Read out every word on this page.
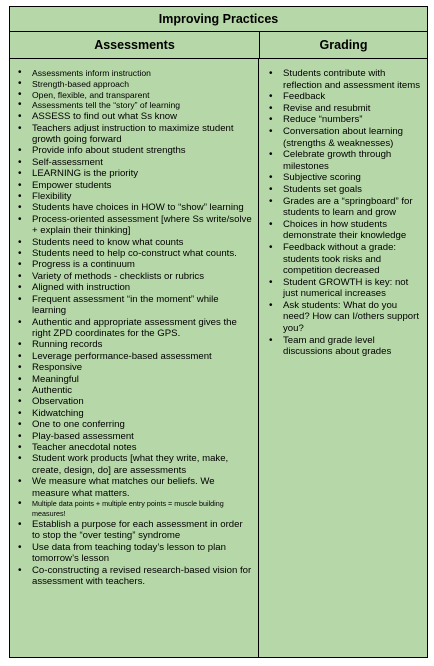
Improving Practices
Assessments	Grading
• Assessments inform instruction
• Strength-based approach
• Open, flexible, and transparent
• Assessments tell the “story” of learning
• ASSESS to find out what Ss know
• Teachers adjust instruction to maximize student growth going forward
• Provide info about student strengths
• Self-assessment
• LEARNING is the priority
• Empower students
• Flexibility
• Students have choices in HOW to “show” learning
• Process-oriented assessment [where Ss write/solve + explain their thinking]
• Students need to know what counts
• Students need to help co-construct what counts.
• Progress is a continuum
• Variety of methods - checklists or rubrics
• Aligned with instruction
• Frequent assessment “in the moment” while learning
• Authentic and appropriate assessment gives the right ZPD coordinates for the GPS.
• Running records
• Leverage performance-based assessment
• Responsive
• Meaningful
• Authentic
• Observation
• Kidwatching
• One to one conferring
• Play-based assessment
• Teacher anecdotal notes
• Student work products [what they write, make, create, design, do] are assessments
• We measure what matches our beliefs. We measure what matters.
• Multiple data points + multiple entry points = muscle building measures!
• Establish a purpose for each assessment in order to stop the “over testing” syndrome
• Use data from teaching today’s lesson to plan tomorrow’s lesson
• Co-constructing a revised research-based vision for assessment with teachers.
• Students contribute with reflection and assessment items
• Feedback
• Revise and resubmit
• Reduce “numbers”
• Conversation about learning (strengths & weaknesses)
• Celebrate growth through milestones
• Subjective scoring
• Students set goals
• Grades are a “springboard” for students to learn and grow
• Choices in how students demonstrate their knowledge
• Feedback without a grade: students took risks and competition decreased
• Student GROWTH is key: not just numerical increases
• Ask students: What do you need? How can I/others support you?
• Team and grade level discussions about grades
